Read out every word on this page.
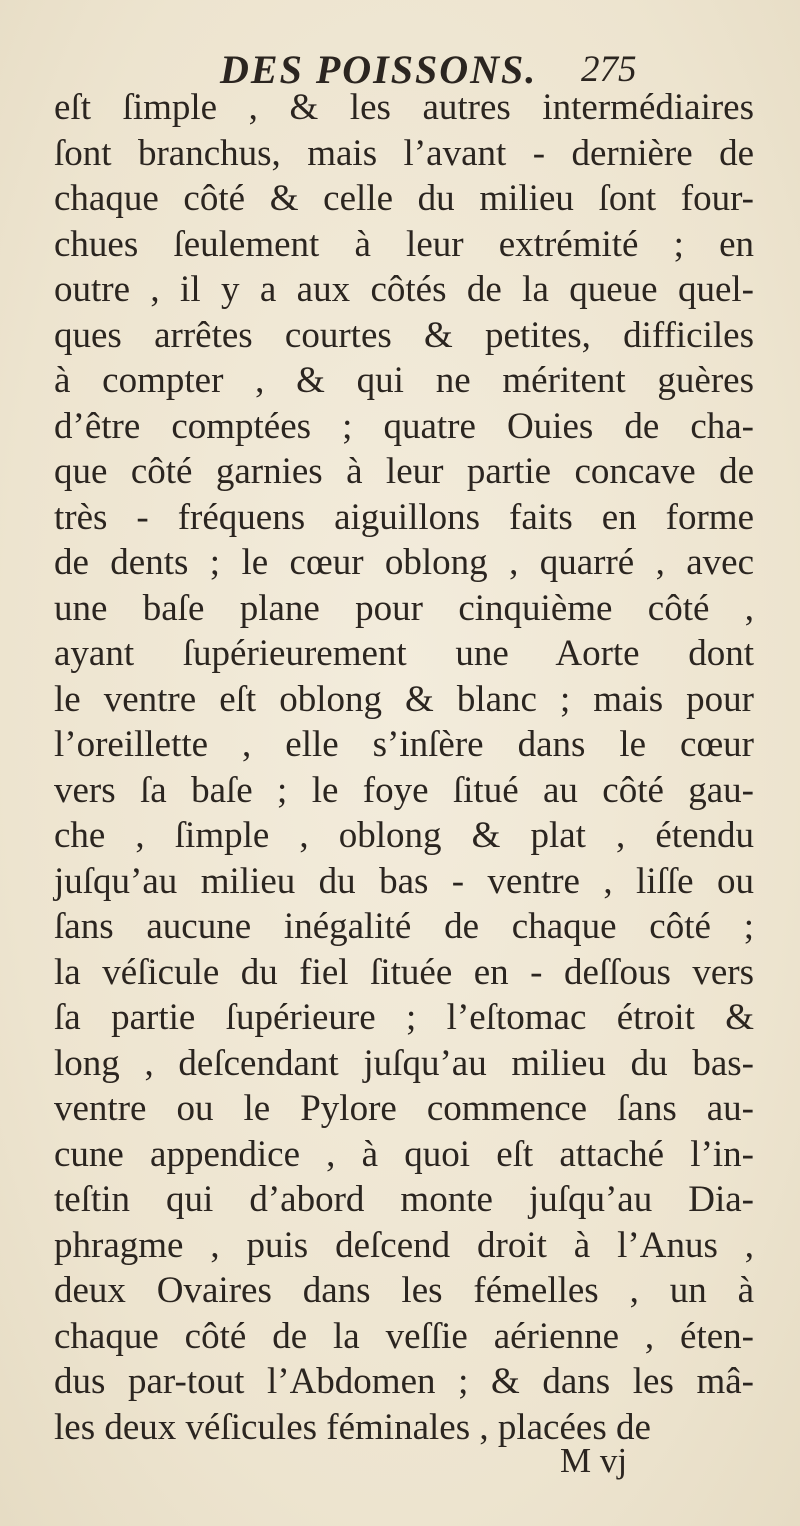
DES POISSONS. 275
eſt ſimple , & les autres intermédiaires
ſont branchus, mais l’avant - dernière de
chaque côté & celle du milieu ſont four-
chues ſeulement à leur extrémité ; en
outre , il y a aux côtés de la queue quel-
ques arrêtes courtes & petites, difficiles
à compter , & qui ne méritent guères
d’être comptées ; quatre Ouies de cha-
que côté garnies à leur partie concave de
très - fréquens aiguillons faits en forme
de dents ; le cœur oblong , quarré , avec
une baſe plane pour cinquième côté ,
ayant ſupérieurement une Aorte dont
le ventre eſt oblong & blanc ; mais pour
l’oreillette , elle s’inſère dans le cœur
vers ſa baſe ; le foye ſitué au côté gau-
che , ſimple , oblong & plat , étendu
juſqu’au milieu du bas - ventre , liſſe ou
ſans aucune inégalité de chaque côté ;
la véſicule du fiel ſituée en - deſſous vers
ſa partie ſupérieure ; l’eſtomac étroit &
long , deſcendant juſqu’au milieu du bas-
ventre ou le Pylore commence ſans au-
cune appendice , à quoi eſt attaché l’in-
teſtin qui d’abord monte juſqu’au Dia-
phragme , puis deſcend droit à l’Anus ,
deux Ovaires dans les fémelles , un à
chaque côté de la veſſie aérienne , éten-
dus par-tout l’Abdomen ; & dans les mâ-
les deux véſicules féminales , placées de
M vj
